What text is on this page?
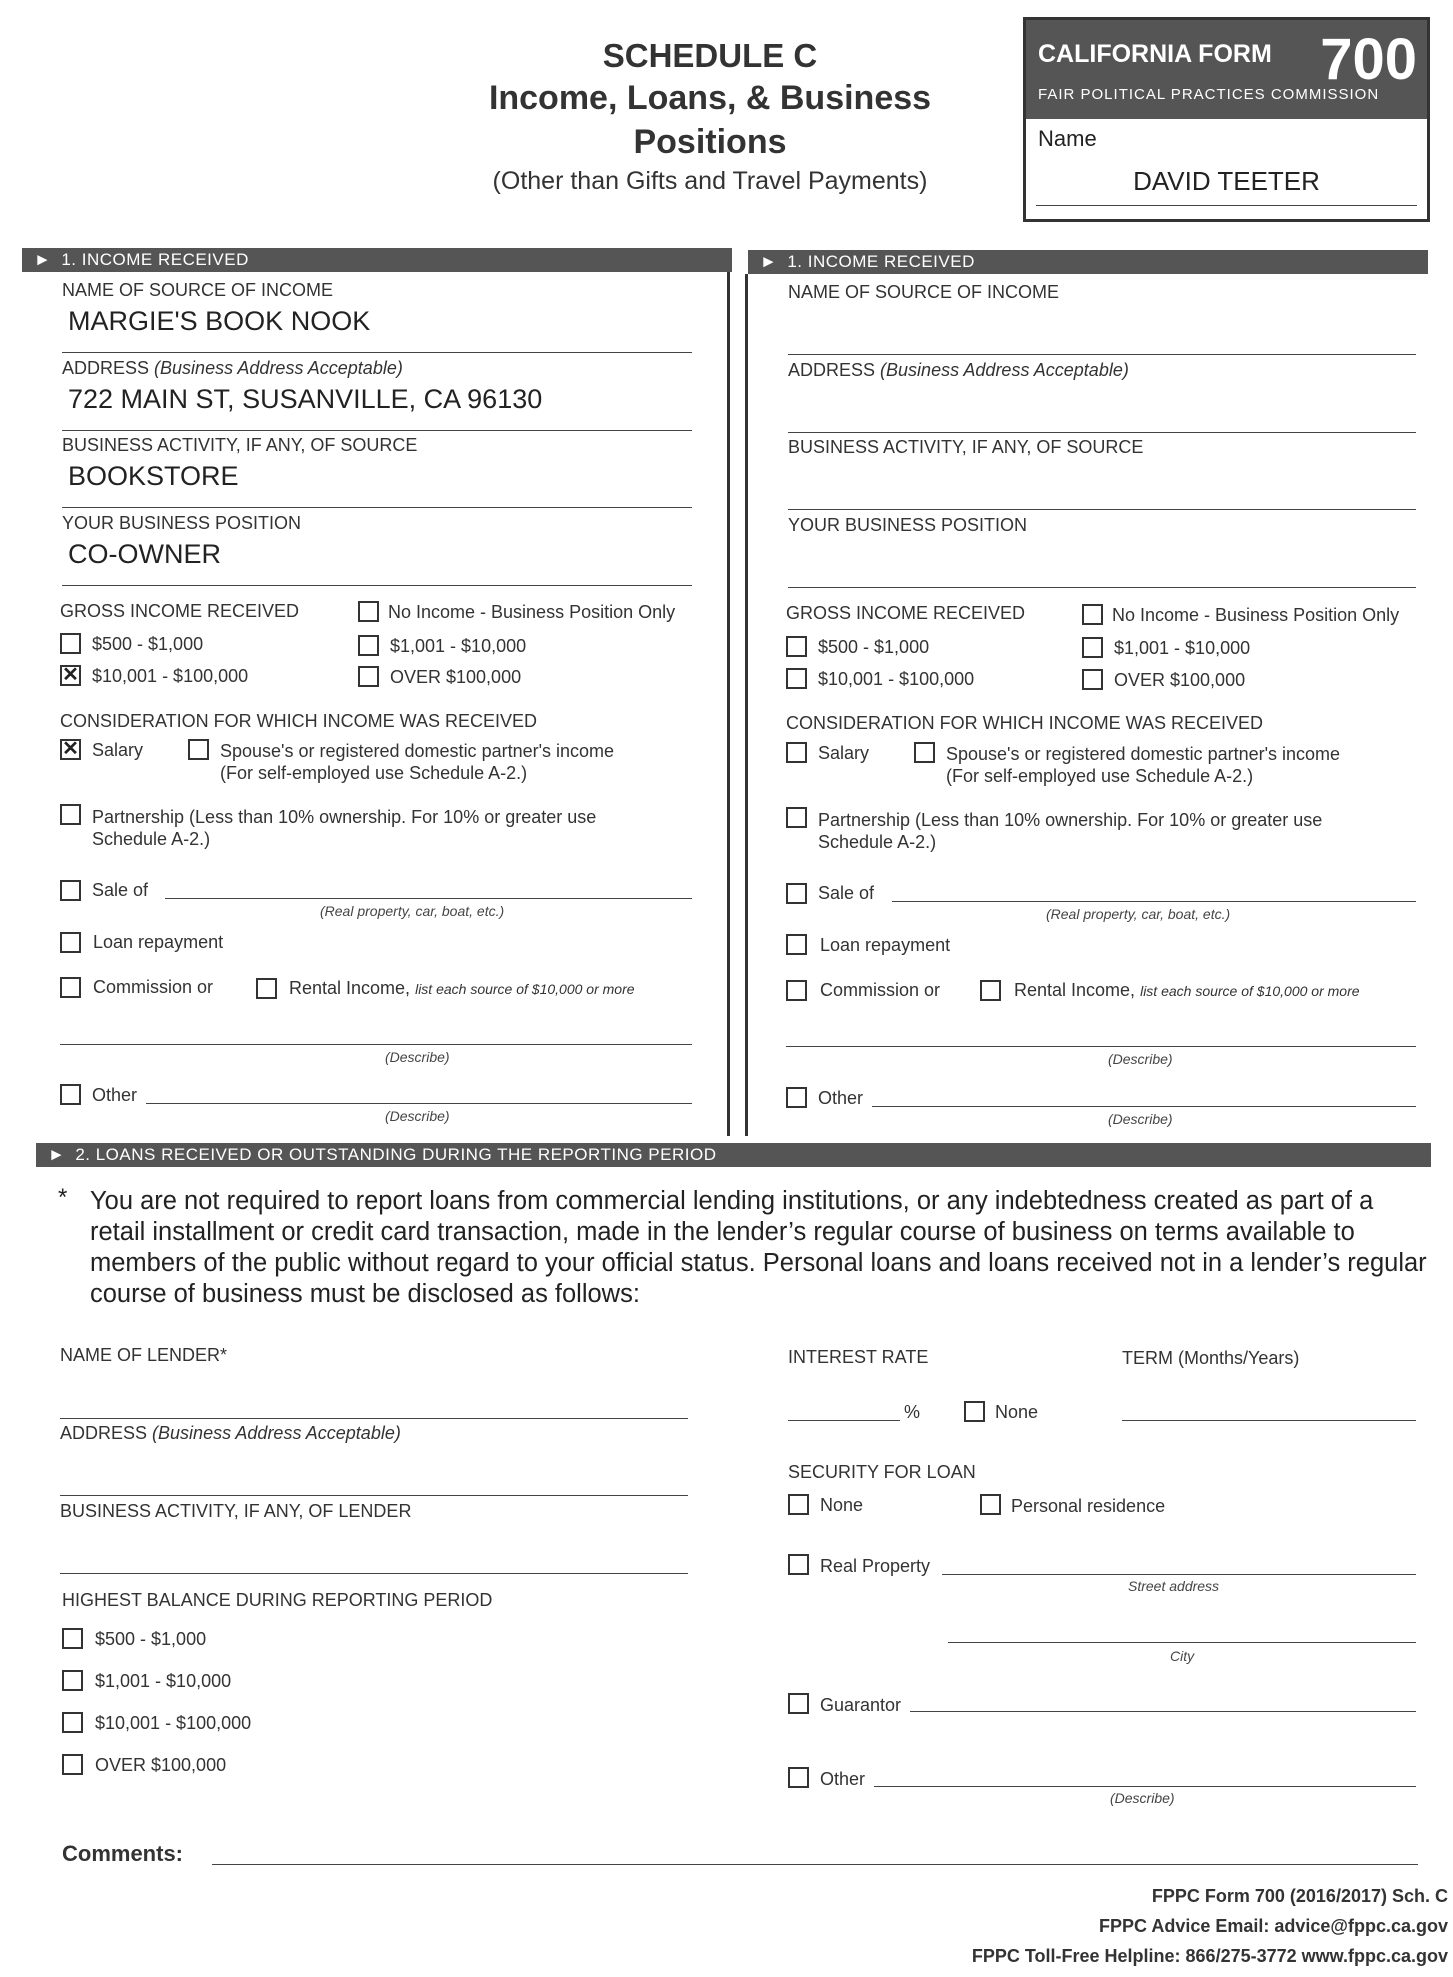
SCHEDULE C
Income, Loans, & Business
Positions
(Other than Gifts and Travel Payments)
CALIFORNIA FORM 700
FAIR POLITICAL PRACTICES COMMISSION
Name
DAVID TEETER
► 1. INCOME RECEIVED	► 1. INCOME RECEIVED
NAME OF SOURCE OF INCOME
MARGIE'S BOOK NOOK
ADDRESS (Business Address Acceptable)
722 MAIN ST, SUSANVILLE, CA 96130
BUSINESS ACTIVITY, IF ANY, OF SOURCE
BOOKSTORE
YOUR BUSINESS POSITION
CO-OWNER
GROSS INCOME RECEIVED	No Income - Business Position Only
$500 - $1,000	$1,001 - $10,000
✕ $10,001 - $100,000	OVER $100,000
CONSIDERATION FOR WHICH INCOME WAS RECEIVED
✕ Salary	Spouse's or registered domestic partner's income
(For self-employed use Schedule A-2.)
Partnership (Less than 10% ownership. For 10% or greater use
Schedule A-2.)
Sale of
(Real property, car, boat, etc.)
Loan repayment
Commission or	Rental Income, list each source of $10,000 or more
(Describe)
Other
(Describe)
NAME OF SOURCE OF INCOME
ADDRESS (Business Address Acceptable)
BUSINESS ACTIVITY, IF ANY, OF SOURCE
YOUR BUSINESS POSITION
GROSS INCOME RECEIVED	No Income - Business Position Only
$500 - $1,000	$1,001 - $10,000
$10,001 - $100,000	OVER $100,000
CONSIDERATION FOR WHICH INCOME WAS RECEIVED
Salary	Spouse's or registered domestic partner's income
(For self-employed use Schedule A-2.)
Partnership (Less than 10% ownership. For 10% or greater use
Schedule A-2.)
Sale of
(Real property, car, boat, etc.)
Loan repayment
Commission or	Rental Income, list each source of $10,000 or more
(Describe)
Other
(Describe)
► 2. LOANS RECEIVED OR OUTSTANDING DURING THE REPORTING PERIOD
* You are not required to report loans from commercial lending institutions, or any indebtedness created as part of a retail installment or credit card transaction, made in the lender’s regular course of business on terms available to members of the public without regard to your official status. Personal loans and loans received not in a lender’s regular course of business must be disclosed as follows:
NAME OF LENDER*
ADDRESS (Business Address Acceptable)
BUSINESS ACTIVITY, IF ANY, OF LENDER
HIGHEST BALANCE DURING REPORTING PERIOD
$500 - $1,000
$1,001 - $10,000
$10,001 - $100,000
OVER $100,000
INTEREST RATE
%	None
TERM (Months/Years)
SECURITY FOR LOAN
None	Personal residence
Real Property
Street address
City
Guarantor
Other
(Describe)
Comments:
FPPC Form 700 (2016/2017) Sch. C
FPPC Advice Email: advice@fppc.ca.gov
FPPC Toll-Free Helpline: 866/275-3772 www.fppc.ca.gov
